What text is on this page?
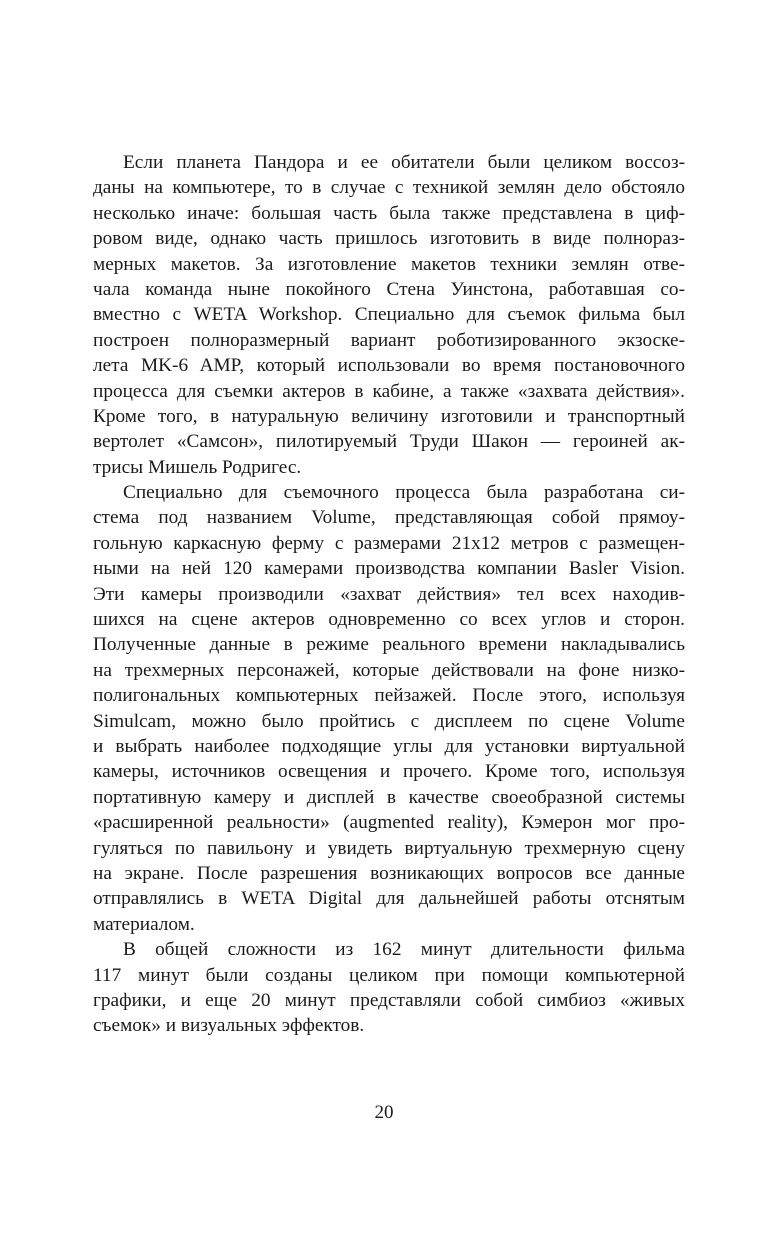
Если планета Пандора и ее обитатели были целиком воссоз-
даны на компьютере, то в случае с техникой землян дело обстояло
несколько иначе: большая часть была также представлена в циф-
ровом виде, однако часть пришлось изготовить в виде полнораз-
мерных макетов. За изготовление макетов техники землян отве-
чала команда ныне покойного Стена Уинстона, работавшая со-
вместно с WETA Workshop. Специально для съемок фильма был
построен полноразмерный вариант роботизированного экзоске-
лета MK-6 AMP, который использовали во время постановочного
процесса для съемки актеров в кабине, а также «захвата действия».
Кроме того, в натуральную величину изготовили и транспортный
вертолет «Самсон», пилотируемый Труди Шакон — героиней ак-
трисы Мишель Родригес.
Специально для съемочного процесса была разработана си-
стема под названием Volume, представляющая собой прямоу-
гольную каркасную ферму с размерами 21x12 метров с размещен-
ными на ней 120 камерами производства компании Basler Vision.
Эти камеры производили «захват действия» тел всех находив-
шихся на сцене актеров одновременно со всех углов и сторон.
Полученные данные в режиме реального времени накладывались
на трехмерных персонажей, которые действовали на фоне низко-
полигональных компьютерных пейзажей. После этого, используя
Simulcam, можно было пройтись с дисплеем по сцене Volume
и выбрать наиболее подходящие углы для установки виртуальной
камеры, источников освещения и прочего. Кроме того, используя
портативную камеру и дисплей в качестве своеобразной системы
«расширенной реальности» (augmented reality), Кэмерон мог про-
гуляться по павильону и увидеть виртуальную трехмерную сцену
на экране. После разрешения возникающих вопросов все данные
отправлялись в WETA Digital для дальнейшей работы отснятым
материалом.
В общей сложности из 162 минут длительности фильма
117 минут были созданы целиком при помощи компьютерной
графики, и еще 20 минут представляли собой симбиоз «живых
съемок» и визуальных эффектов.
20
